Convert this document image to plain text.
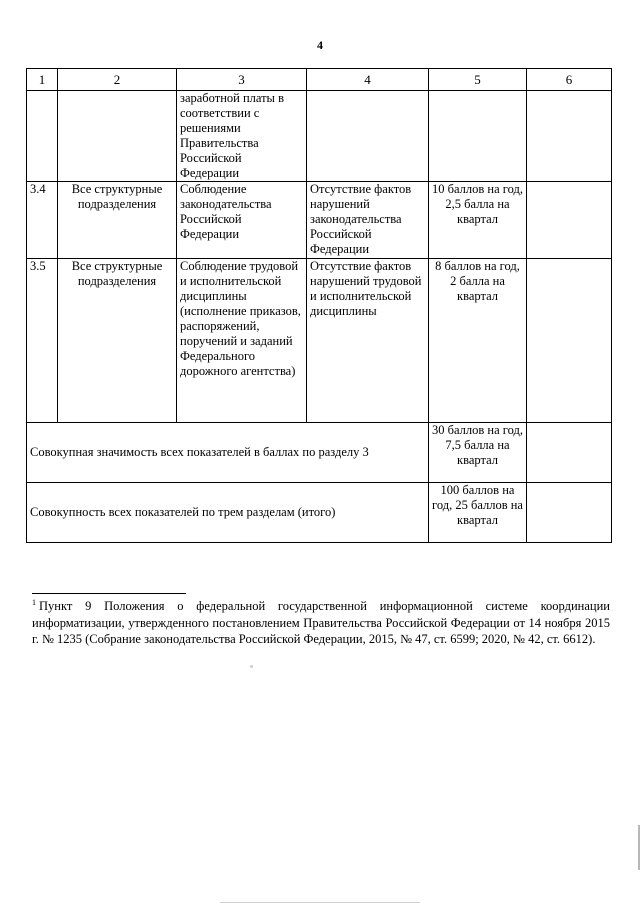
4
1	2	3	4	5	6
		заработной платы в соответствии с решениями Правительства Российской Федерации			
3.4	Все структурные подразделения	Соблюдение законодательства Российской Федерации	Отсутствие фактов нарушений законодательства Российской Федерации	10 баллов на год, 2,5 балла на квартал	
3.5	Все структурные подразделения	Соблюдение трудовой и исполнительской дисциплины (исполнение приказов, распоряжений, поручений и заданий Федерального дорожного агентства)	Отсутствие фактов нарушений трудовой и исполнительской дисциплины	8 баллов на год, 2 балла на квартал	
Совокупная значимость всех показателей в баллах по разделу 3				30 баллов на год, 7,5 балла на квартал	
Совокупность всех показателей по трем разделам (итого)				100 баллов на год, 25 баллов на квартал	
$^1$ Пункт 9 Положения о федеральной государственной информационной системе координации информатизации, утвержденного постановлением Правительства Российской Федерации от 14 ноября 2015 г. № 1235 (Собрание законодательства Российской Федерации, 2015, № 47, ст. 6599; 2020, № 42, ст. 6612).
